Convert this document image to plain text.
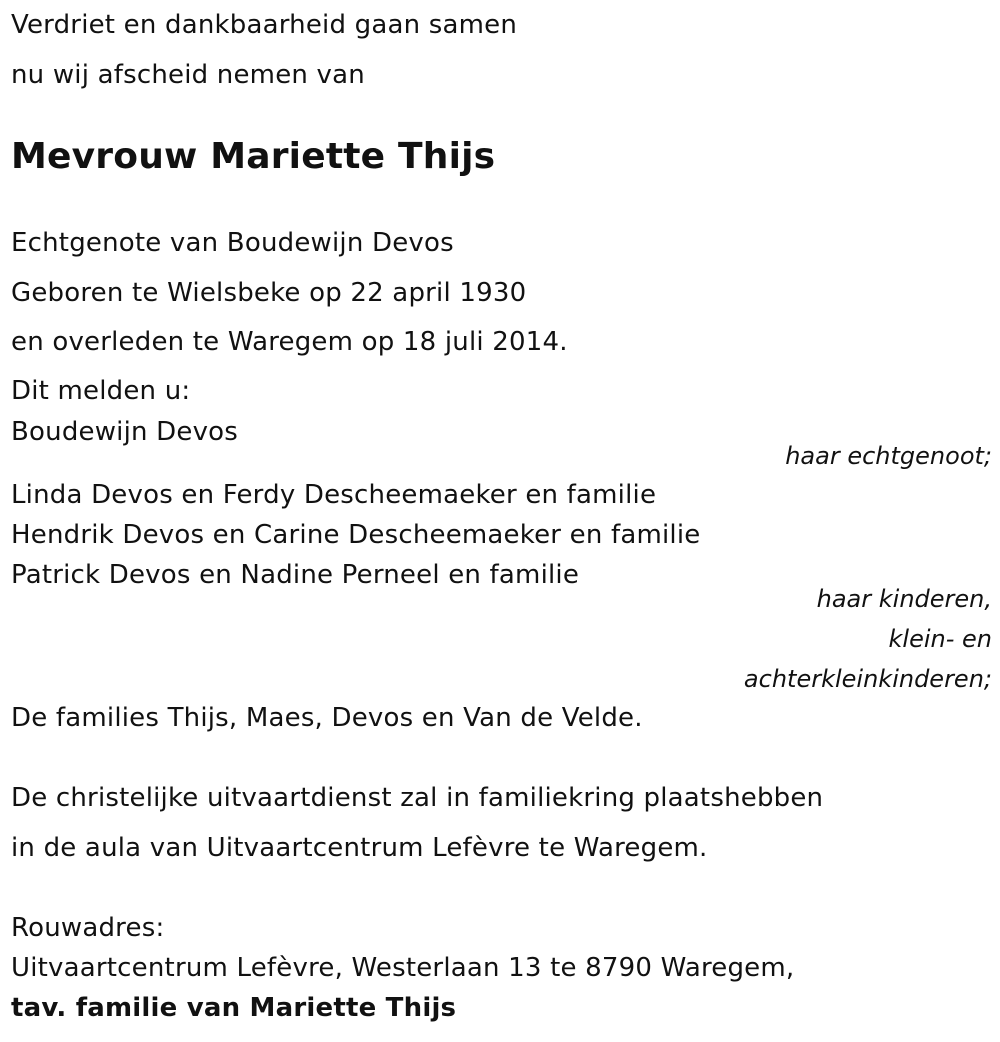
Verdriet en dankbaarheid gaan samen
nu wij afscheid nemen van
Mevrouw Mariette Thijs
Echtgenote van Boudewijn Devos
Geboren te Wielsbeke op 22 april 1930
en overleden te Waregem op 18 juli 2014.
Dit melden u:
Boudewijn Devos
haar echtgenoot;
Linda Devos en Ferdy Descheemaeker en familie
Hendrik Devos en Carine Descheemaeker en familie
Patrick Devos en Nadine Perneel en familie
haar kinderen,
klein- en
achterkleinkinderen;
De families Thijs, Maes, Devos en Van de Velde.
De christelijke uitvaartdienst zal in familiekring plaatshebben
in de aula van Uitvaartcentrum Lefèvre te Waregem.
Rouwadres:
Uitvaartcentrum Lefèvre, Westerlaan 13 te 8790 Waregem,
tav. familie van Mariette Thijs
